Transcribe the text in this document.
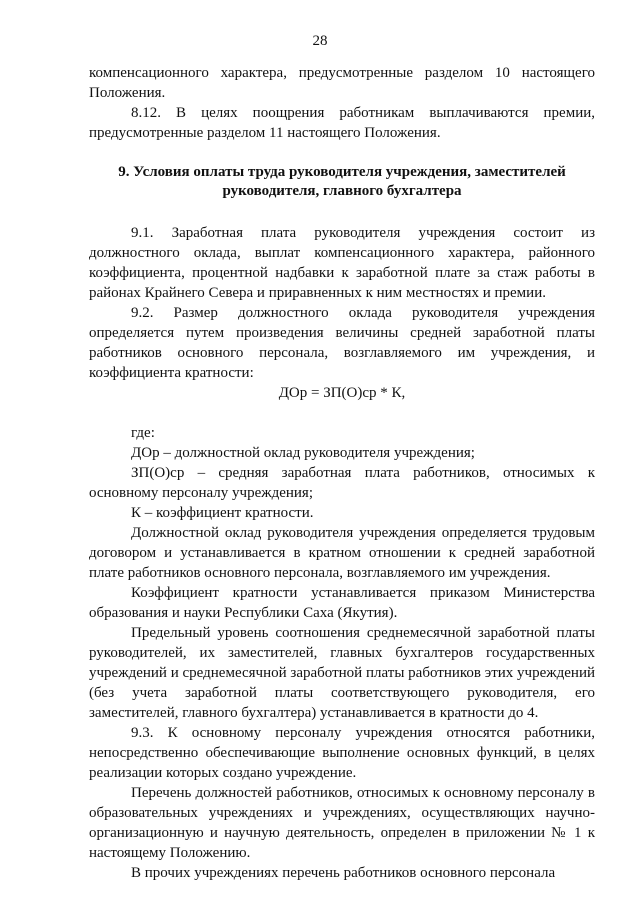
28

компенсационного характера, предусмотренные разделом 10 настоящего Положения.

8.12. В целях поощрения работникам выплачиваются премии, предусмотренные разделом 11 настоящего Положения.

9. Условия оплаты труда руководителя учреждения, заместителей
руководителя, главного бухгалтера

9.1. Заработная плата руководителя учреждения состоит из должностного оклада, выплат компенсационного характера, районного коэффициента, процентной надбавки к заработной плате за стаж работы в районах Крайнего Севера и приравненных к ним местностях и премии.

9.2. Размер должностного оклада руководителя учреждения определяется путем произведения величины средней заработной платы работников основного персонала, возглавляемого им учреждения, и коэффициента кратности:

ДОр = ЗП(О)ср * К,

где:

ДОр – должностной оклад руководителя учреждения;

ЗП(О)ср – средняя заработная плата работников, относимых к основному персоналу учреждения;

К – коэффициент кратности.

Должностной оклад руководителя учреждения определяется трудовым договором и устанавливается в кратном отношении к средней заработной плате работников основного персонала, возглавляемого им учреждения.

Коэффициент кратности устанавливается приказом Министерства образования и науки Республики Саха (Якутия).

Предельный уровень соотношения среднемесячной заработной платы руководителей, их заместителей, главных бухгалтеров государственных учреждений и среднемесячной заработной платы работников этих учреждений (без учета заработной платы соответствующего руководителя, его заместителей, главного бухгалтера) устанавливается в кратности до 4.

9.3. К основному персоналу учреждения относятся работники, непосредственно обеспечивающие выполнение основных функций, в целях реализации которых создано учреждение.

Перечень должностей работников, относимых к основному персоналу в образовательных учреждениях и учреждениях, осуществляющих научно-организационную и научную деятельность, определен в приложении № 1 к настоящему Положению.

В прочих учреждениях перечень работников основного персонала
